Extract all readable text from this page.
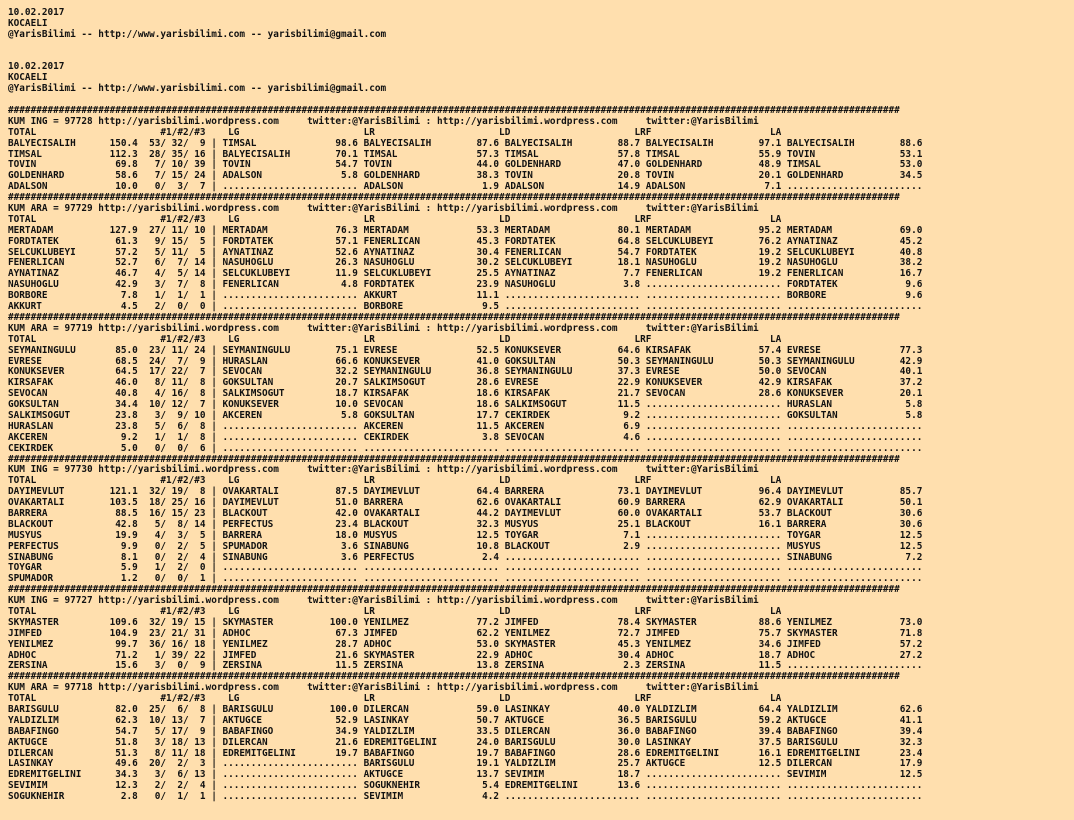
10.02.2017
KOCAELI
@YarisBilimi -- http://www.yarisbilimi.com -- yarisbilimi@gmail.com

10.02.2017
KOCAELI
@YarisBilimi -- http://www.yarisbilimi.com -- yarisbilimi@gmail.com

##############################################################################################################################################################
KUM ING = 97728 http://yarisbilimi.wordpress.com     twitter:@YarisBilimi : http://yarisbilimi.wordpress.com     twitter:@YarisBilimi
TOTAL                      #1/#2/#3    LG                      LR                      LD                      LRF                     LA
BALYECISALIH      150.4  53/ 32/  9 | TIMSAL              98.6 BALYECISALIH        87.6 BALYECISALIH        88.7 BALYECISALIH        97.1 BALYECISALIH        88.6
TIMSAL            112.3  28/ 35/ 16 | BALYECISALIH        70.1 TIMSAL              57.3 TIMSAL              57.8 TIMSAL              55.9 TOVIN               53.1
TOVIN              69.8   7/ 10/ 39 | TOVIN               54.7 TOVIN               44.0 GOLDENHARD          47.0 GOLDENHARD          48.9 TIMSAL              53.0
GOLDENHARD         58.6   7/ 15/ 24 | ADALSON              5.8 GOLDENHARD          38.3 TOVIN               20.8 TOVIN               20.1 GOLDENHARD          34.5
ADALSON            10.0   0/  3/  7 | ........................ ADALSON              1.9 ADALSON             14.9 ADALSON              7.1 ........................
##############################################################################################################################################################
KUM ARA = 97729 http://yarisbilimi.wordpress.com     twitter:@YarisBilimi : http://yarisbilimi.wordpress.com     twitter:@YarisBilimi
TOTAL                      #1/#2/#3    LG                      LR                      LD                      LRF                     LA
MERTADAM          127.9  27/ 11/ 10 | MERTADAM            76.3 MERTADAM            53.3 MERTADAM            80.1 MERTADAM            95.2 MERTADAM            69.0
FORDTATEK          61.3   9/ 15/  5 | FORDTATEK           57.1 FENERLICAN          45.3 FORDTATEK           64.8 SELCUKLUBEYI        76.2 AYNATINAZ           45.2
SELCUKLUBEYI       57.2   5/ 11/  5 | AYNATINAZ           52.6 AYNATINAZ           30.4 FENERLICAN          54.7 FORDTATEK           19.2 SELCUKLUBEYI        40.8
FENERLICAN         52.7   6/  7/ 14 | NASUHOGLU           26.3 NASUHOGLU           30.2 SELCUKLUBEYI        18.1 NASUHOGLU           19.2 NASUHOGLU           38.2
AYNATINAZ          46.7   4/  5/ 14 | SELCUKLUBEYI        11.9 SELCUKLUBEYI        25.5 AYNATINAZ            7.7 FENERLICAN          19.2 FENERLICAN          16.7
NASUHOGLU          42.9   3/  7/  8 | FENERLICAN           4.8 FORDTATEK           23.9 NASUHOGLU            3.8 ........................ FORDTATEK            9.6
BORBORE             7.8   1/  1/  1 | ........................ AKKURT              11.1 ........................ ........................ BORBORE              9.6
AKKURT              4.5   2/  0/  0 | ........................ BORBORE              9.5 ........................ ........................ ........................
##############################################################################################################################################################
KUM ARA = 97719 http://yarisbilimi.wordpress.com     twitter:@YarisBilimi : http://yarisbilimi.wordpress.com     twitter:@YarisBilimi
TOTAL                      #1/#2/#3    LG                      LR                      LD                      LRF                     LA
SEYMANINGULU       85.0  23/ 11/ 24 | SEYMANINGULU        75.1 EVRESE              52.5 KONUKSEVER          64.6 KIRSAFAK            57.4 EVRESE              77.3
EVRESE             68.5  24/  7/  9 | HURASLAN            66.6 KONUKSEVER          41.0 GOKSULTAN           50.3 SEYMANINGULU        50.3 SEYMANINGULU        42.9
KONUKSEVER         64.5  17/ 22/  7 | SEVOCAN             32.2 SEYMANINGULU        36.8 SEYMANINGULU        37.3 EVRESE              50.0 SEVOCAN             40.1
KIRSAFAK           46.0   8/ 11/  8 | GOKSULTAN           20.7 SALKIMSOGUT         28.6 EVRESE              22.9 KONUKSEVER          42.9 KIRSAFAK            37.2
SEVOCAN            40.8   4/ 16/  8 | SALKIMSOGUT         18.7 KIRSAFAK            18.6 KIRSAFAK            21.7 SEVOCAN             28.6 KONUKSEVER          20.1
GOKSULTAN          34.4  10/ 12/  7 | KONUKSEVER          10.0 SEVOCAN             18.6 SALKIMSOGUT         11.5 ........................ HURASLAN             5.8
SALKIMSOGUT        23.8   3/  9/ 10 | AKCEREN              5.8 GOKSULTAN           17.7 CEKIRDEK             9.2 ........................ GOKSULTAN            5.8
HURASLAN           23.8   5/  6/  8 | ........................ AKCEREN             11.5 AKCEREN              6.9 ........................ ........................
AKCEREN             9.2   1/  1/  8 | ........................ CEKIRDEK             3.8 SEVOCAN              4.6 ........................ ........................
CEKIRDEK            5.0   0/  0/  6 | ........................ ........................ ........................ ........................ ........................
##############################################################################################################################################################
KUM ING = 97730 http://yarisbilimi.wordpress.com     twitter:@YarisBilimi : http://yarisbilimi.wordpress.com     twitter:@YarisBilimi
TOTAL                      #1/#2/#3    LG                      LR                      LD                      LRF                     LA
DAYIMEVLUT        121.1  32/ 19/  8 | OVAKARTALI          87.5 DAYIMEVLUT          64.4 BARRERA             73.1 DAYIMEVLUT          96.4 DAYIMEVLUT          85.7
OVAKARTALI        103.5  18/ 25/ 16 | DAYIMEVLUT          51.0 BARRERA             62.6 OVAKARTALI          60.9 BARRERA             62.9 OVAKARTALI          50.1
BARRERA            88.5  16/ 15/ 23 | BLACKOUT            42.0 OVAKARTALI          44.2 DAYIMEVLUT          60.0 OVAKARTALI          53.7 BLACKOUT            30.6
BLACKOUT           42.8   5/  8/ 14 | PERFECTUS           23.4 BLACKOUT            32.3 MUSYUS              25.1 BLACKOUT            16.1 BARRERA             30.6
MUSYUS             19.9   4/  3/  5 | BARRERA             18.0 MUSYUS              12.5 TOYGAR               7.1 ........................ TOYGAR              12.5
PERFECTUS           9.9   0/  2/  5 | SPUMADOR             3.6 SINABUNG            10.8 BLACKOUT             2.9 ........................ MUSYUS              12.5
SINABUNG            8.1   0/  2/  4 | SINABUNG             3.6 PERFECTUS            2.4 ........................ ........................ SINABUNG             7.2
TOYGAR              5.9   1/  2/  0 | ........................ ........................ ........................ ........................ ........................
SPUMADOR            1.2   0/  0/  1 | ........................ ........................ ........................ ........................ ........................
##############################################################################################################################################################
KUM ING = 97727 http://yarisbilimi.wordpress.com     twitter:@YarisBilimi : http://yarisbilimi.wordpress.com     twitter:@YarisBilimi
TOTAL                      #1/#2/#3    LG                      LR                      LD                      LRF                     LA
SKYMASTER         109.6  32/ 19/ 15 | SKYMASTER          100.0 YENILMEZ            77.2 JIMFED              78.4 SKYMASTER           88.6 YENILMEZ            73.0
JIMFED            104.9  23/ 21/ 31 | ADHOC               67.3 JIMFED              62.2 YENILMEZ            72.7 JIMFED              75.7 SKYMASTER           71.8
YENILMEZ           99.7  36/ 16/ 18 | YENILMEZ            28.7 ADHOC               53.0 SKYMASTER           45.3 YENILMEZ            34.6 JIMFED              57.2
ADHOC              71.2   1/ 39/ 22 | JIMFED              21.6 SKYMASTER           22.9 ADHOC               30.4 ADHOC               18.7 ADHOC               27.2
ZERSINA            15.6   3/  0/  9 | ZERSINA             11.5 ZERSINA             13.8 ZERSINA              2.3 ZERSINA             11.5 ........................
##############################################################################################################################################################
KUM ARA = 97718 http://yarisbilimi.wordpress.com     twitter:@YarisBilimi : http://yarisbilimi.wordpress.com     twitter:@YarisBilimi
TOTAL                      #1/#2/#3    LG                      LR                      LD                      LRF                     LA
BARISGULU          82.0  25/  6/  8 | BARISGULU          100.0 DILERCAN            59.0 LASINKAY            40.0 YALDIZLIM           64.4 YALDIZLIM           62.6
YALDIZLIM          62.3  10/ 13/  7 | AKTUGCE             52.9 LASINKAY            50.7 AKTUGCE             36.5 BARISGULU           59.2 AKTUGCE             41.1
BABAFINGO          54.7   5/ 17/  9 | BABAFINGO           34.9 YALDIZLIM           33.5 DILERCAN            36.0 BABAFINGO           39.4 BABAFINGO           39.4
AKTUGCE            51.8   3/ 18/ 13 | DILERCAN            21.6 EDREMITGELINI       24.0 BARISGULU           30.0 LASINKAY            37.5 BARISGULU           32.3
DILERCAN           51.3   8/ 11/ 18 | EDREMITGELINI       19.7 BABAFINGO           19.7 BABAFINGO           28.6 EDREMITGELINI       16.1 EDREMITGELINI       23.4
LASINKAY           49.6  20/  2/  3 | ........................ BARISGULU           19.1 YALDIZLIM           25.7 AKTUGCE             12.5 DILERCAN            17.9
EDREMITGELINI      34.3   3/  6/ 13 | ........................ AKTUGCE             13.7 SEVIMIM             18.7 ........................ SEVIMIM             12.5
SEVIMIM            12.3   2/  2/  4 | ........................ SOGUKNEHIR           5.4 EDREMITGELINI       13.6 ........................ ........................
SOGUKNEHIR          2.8   0/  1/  1 | ........................ SEVIMIM              4.2 ........................ ........................ ........................
